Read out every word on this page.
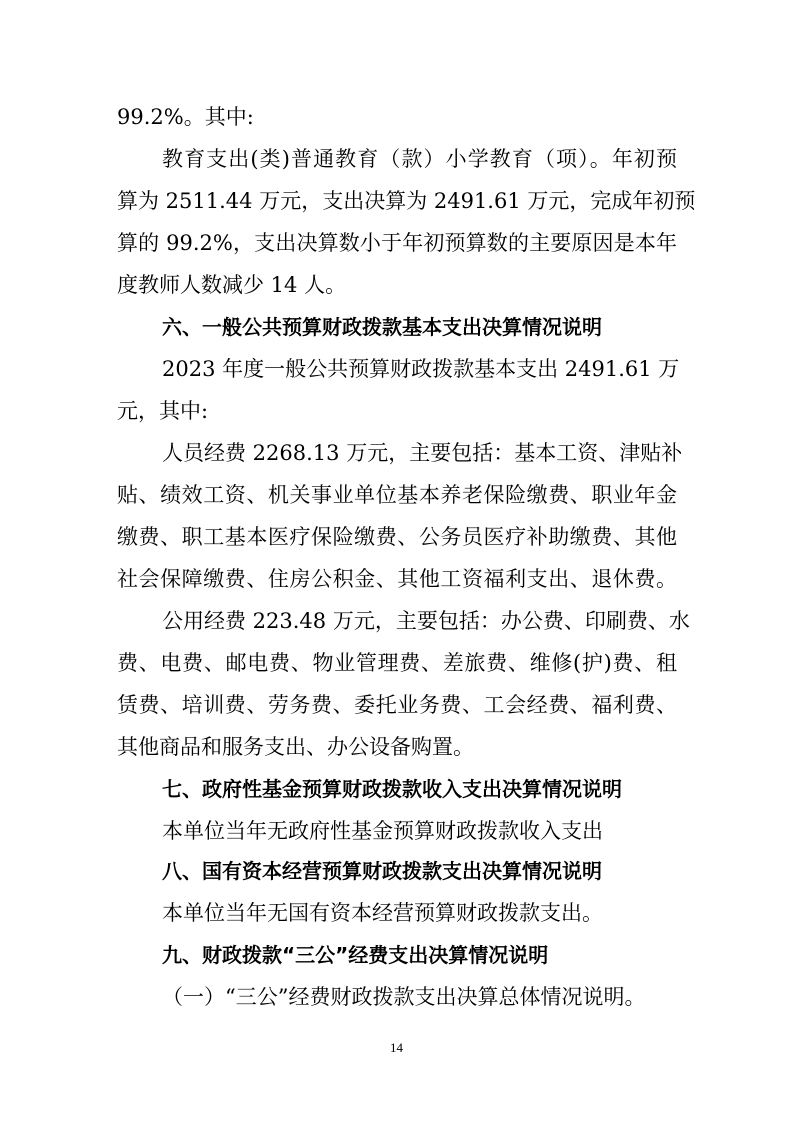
99.2%。其中:
教育支出(类)普通教育（款）小学教育（项）。年初预
算为 2511.44 万元，支出决算为 2491.61 万元，完成年初预
算的 99.2%，支出决算数小于年初预算数的主要原因是本年
度教师人数减少 14 人。
六、一般公共预算财政拨款基本支出决算情况说明
2023 年度一般公共预算财政拨款基本支出 2491.61 万
元，其中:
人员经费 2268.13 万元，主要包括：基本工资、津贴补
贴、绩效工资、机关事业单位基本养老保险缴费、职业年金
缴费、职工基本医疗保险缴费、公务员医疗补助缴费、其他
社会保障缴费、住房公积金、其他工资福利支出、退休费。
公用经费 223.48 万元，主要包括：办公费、印刷费、水
费、电费、邮电费、物业管理费、差旅费、维修(护)费、租
赁费、培训费、劳务费、委托业务费、工会经费、福利费、
其他商品和服务支出、办公设备购置。
七、政府性基金预算财政拨款收入支出决算情况说明
本单位当年无政府性基金预算财政拨款收入支出
八、国有资本经营预算财政拨款支出决算情况说明
本单位当年无国有资本经营预算财政拨款支出。
九、财政拨款“三公”经费支出决算情况说明
（一）“三公”经费财政拨款支出决算总体情况说明。
14
